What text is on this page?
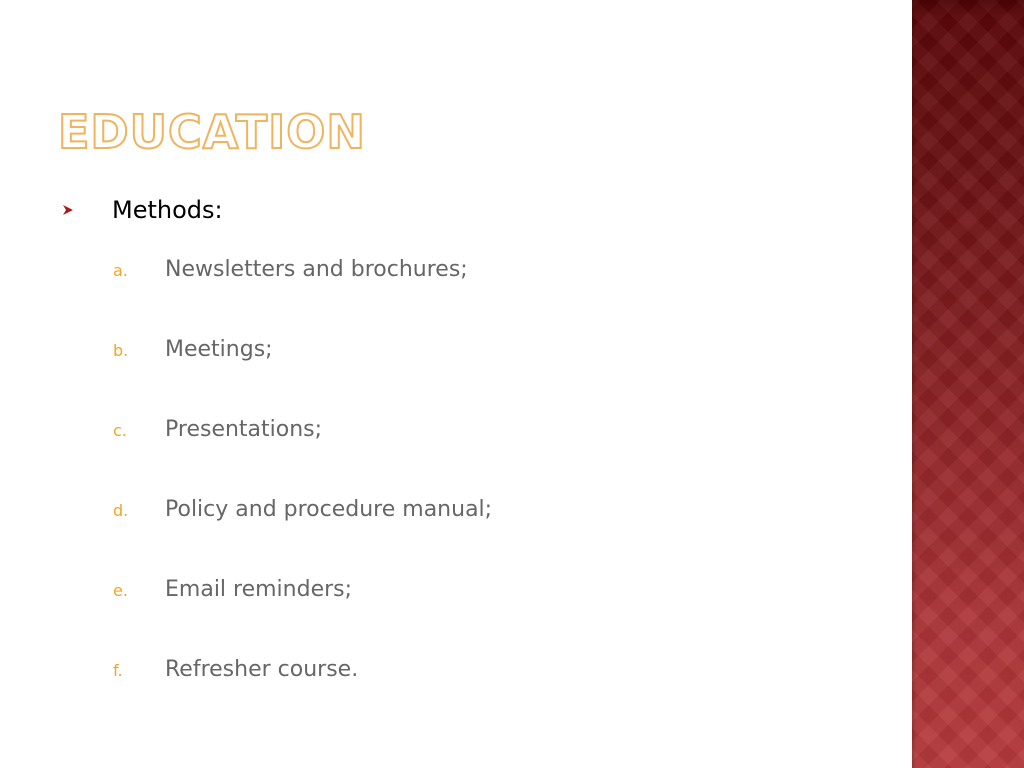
EDUCATION
Methods:
a. Newsletters and brochures;
b. Meetings;
c. Presentations;
d. Policy and procedure manual;
e. Email reminders;
f. Refresher course.
